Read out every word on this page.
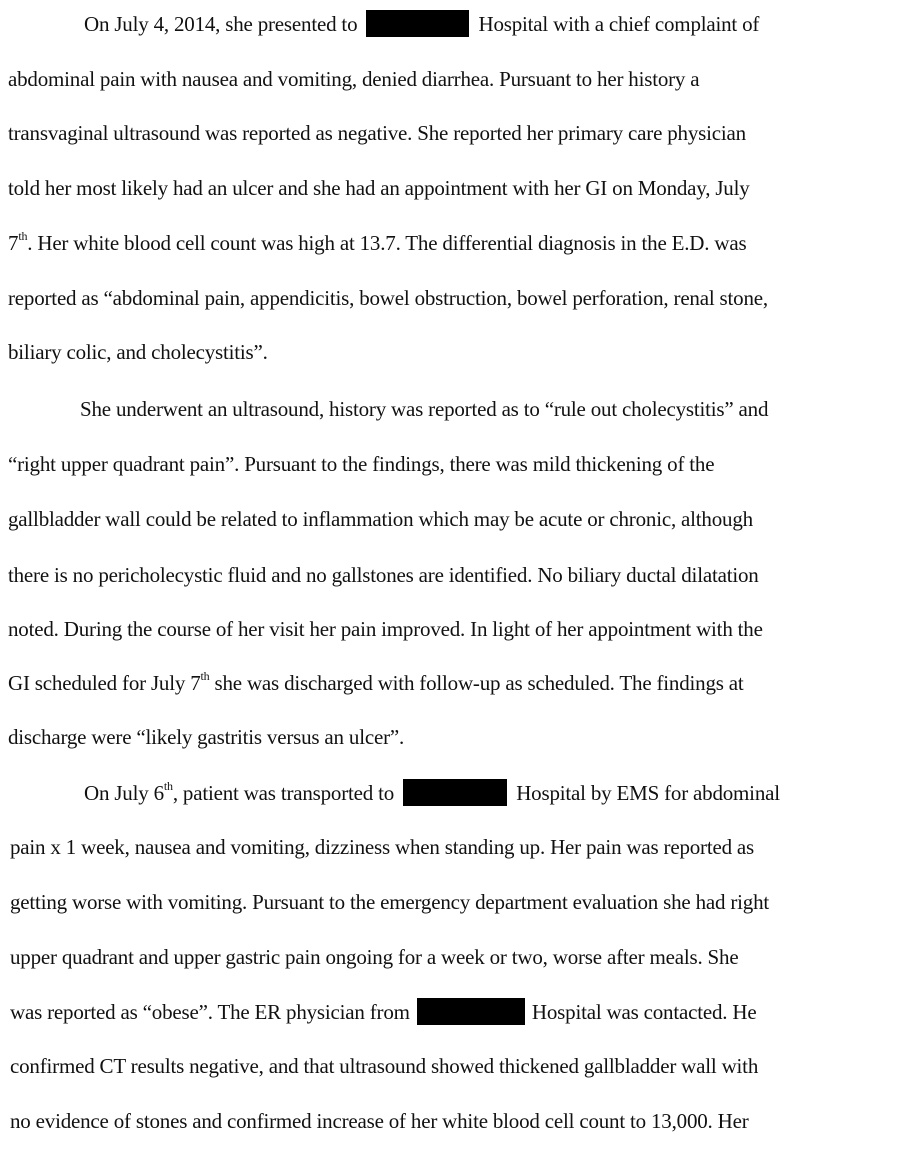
On July 4, 2014, she presented to	Hospital with a chief complaint of
abdominal pain with nausea and vomiting, denied diarrhea. Pursuant to her history a
transvaginal ultrasound was reported as negative. She reported her primary care physician
told her most likely had an ulcer and she had an appointment with her GI on Monday, July
7th. Her white blood cell count was high at 13.7. The differential diagnosis in the E.D. was
reported as “abdominal pain, appendicitis, bowel obstruction, bowel perforation, renal stone,
biliary colic, and cholecystitis”.
She underwent an ultrasound, history was reported as to “rule out cholecystitis” and
“right upper quadrant pain”. Pursuant to the findings, there was mild thickening of the
gallbladder wall could be related to inflammation which may be acute or chronic, although
there is no pericholecystic fluid and no gallstones are identified. No biliary ductal dilatation
noted. During the course of her visit her pain improved. In light of her appointment with the
GI scheduled for July 7th she was discharged with follow-up as scheduled. The findings at
discharge were “likely gastritis versus an ulcer”.
On July 6th, patient was transported to	Hospital by EMS for abdominal
pain x 1 week, nausea and vomiting, dizziness when standing up. Her pain was reported as
getting worse with vomiting. Pursuant to the emergency department evaluation she had right
upper quadrant and upper gastric pain ongoing for a week or two, worse after meals. She
was reported as “obese”. The ER physician from	Hospital was contacted. He
confirmed CT results negative, and that ultrasound showed thickened gallbladder wall with
no evidence of stones and confirmed increase of her white blood cell count to 13,000. Her
